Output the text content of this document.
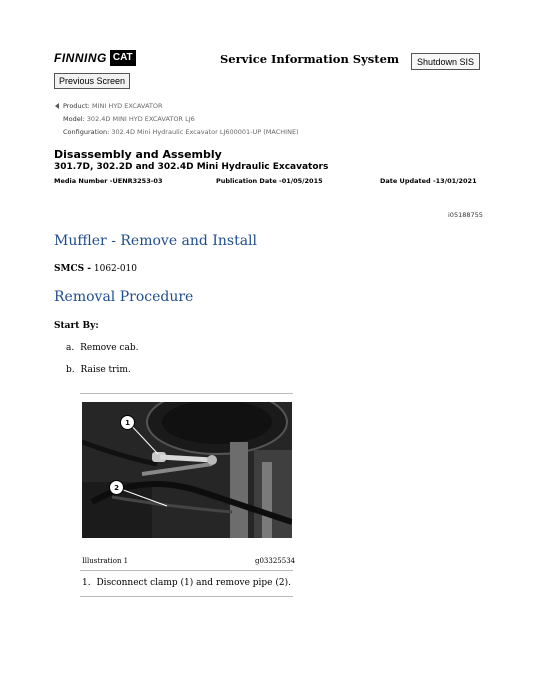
FINNING CAT
Previous Screen
Service Information System	Shutdown SIS
Product: MINI HYD EXCAVATOR
Model: 302.4D MINI HYD EXCAVATOR LJ6
Configuration: 302.4D Mini Hydraulic Excavator LJ600001-UP (MACHINE)
Disassembly and Assembly
301.7D, 302.2D and 302.4D Mini Hydraulic Excavators
Media Number -UENR3253-03	Publication Date -01/05/2015	Date Updated -13/01/2021
i05188755
Muffler - Remove and Install
SMCS - 1062-010
Removal Procedure
Start By:
a. Remove cab.
b. Raise trim.
1
2
Illustration 1	g03325534
1. Disconnect clamp (1) and remove pipe (2).
